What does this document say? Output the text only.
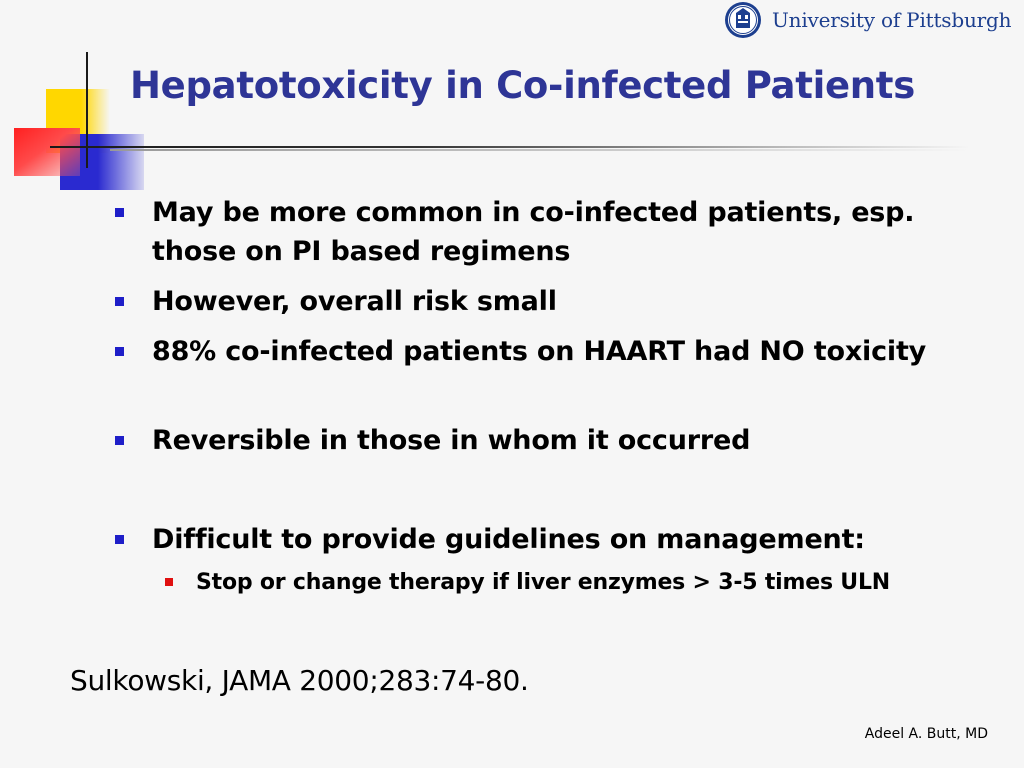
University of Pittsburgh
Hepatotoxicity in Co-infected Patients
May be more common in co-infected patients, esp. those on PI based regimens
However, overall risk small
88% co-infected patients on HAART had NO toxicity
Reversible in those in whom it occurred
Difficult to provide guidelines on management:
Stop or change therapy if liver enzymes > 3-5 times ULN
Sulkowski, JAMA 2000;283:74-80.
Adeel A. Butt, MD
